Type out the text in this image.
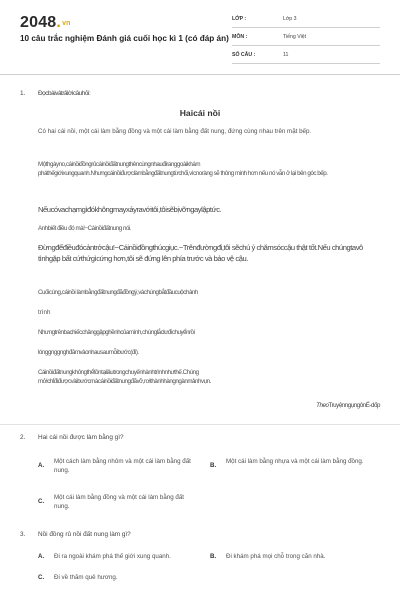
2048.vn
10 câu trắc nghiệm Đánh giá cuối học kì 1 (có đáp án)
LỚP :	Lớp 3
MÔN :	Tiếng Việt
SỐ CÂU :	11
1. Đọcbàivàtrảlờicâuhỏi:
Haicái nồi
Có hai cái nồi, một cái làm bằng đồng và một cái làm bằng đất nung, đứng cùng nhau trên mặt bếp.
Mộthgàyno,cáinồiđồngrủcáinồiđấtnungthêncùngnhauđiranggoàikhám pháthếgiớixungquanh.Nhưngcáinồiđượclàmbằngđấtnungtừchối,vìcnoràng sẽ thông minh hơn nếu nó vẫn ở lại bên góc bếp.
Nếucóvachạmgìđókhôngmayxảyravớitôi,tôisẽbịvỡngaylậptức.
Anhbiết điều đó mà!−Cáinồiđấtnung nói.
Đừngđểđiềuđócảntrởcậu!−Cáinồiđồngthúcgiục.−Trênđườngđi,tôi sẽchú ý chămsóccậu thật tốt.Nếu chúngtavô tìnhgặp bất cứthứgìcứng hơn,tôi sẽ đứng lên phía trước và bảo vệ cậu.
Cuốicùng,cáinồi làmbằngđấtnungđãđồngý,vàchúngbắtđầucuộchành
trình
Nhưngtrênbachiếcchânggậpghềnhcủamình,chúnglắclưđichuyểnrồi
lónggnggnghđâmvàonhausaumỗibước(đi).
Cáinồiđấtnungkhôngthểtồntạilâutrongchuyếnhànhtrìnhnhưthế.Chúng mởichỉđiđượcvàibướcmàcáinồiđấtnungđãvỡ,rơithànhhàngngànmảnhvụn.
TheoTruyệnngụngônÉ-dốp
2. Hai cái nồi được làm bằng gì?
A.
Một cách làm bằng nhôm và một cái làm bằng đất nung.
B.
Một cái làm bằng nhựa và một cái làm bằng đồng.
C.
Một cái làm bằng đồng và một cái làm bằng đất nung.
3. Nồi đồng rủ nồi đất nung làm gì?
A. Đi ra ngoài khám phá thế giới xung quanh.	B. Đi khám phá mọi chỗ trong căn nhà.
C. Đi về thăm quê hương.
